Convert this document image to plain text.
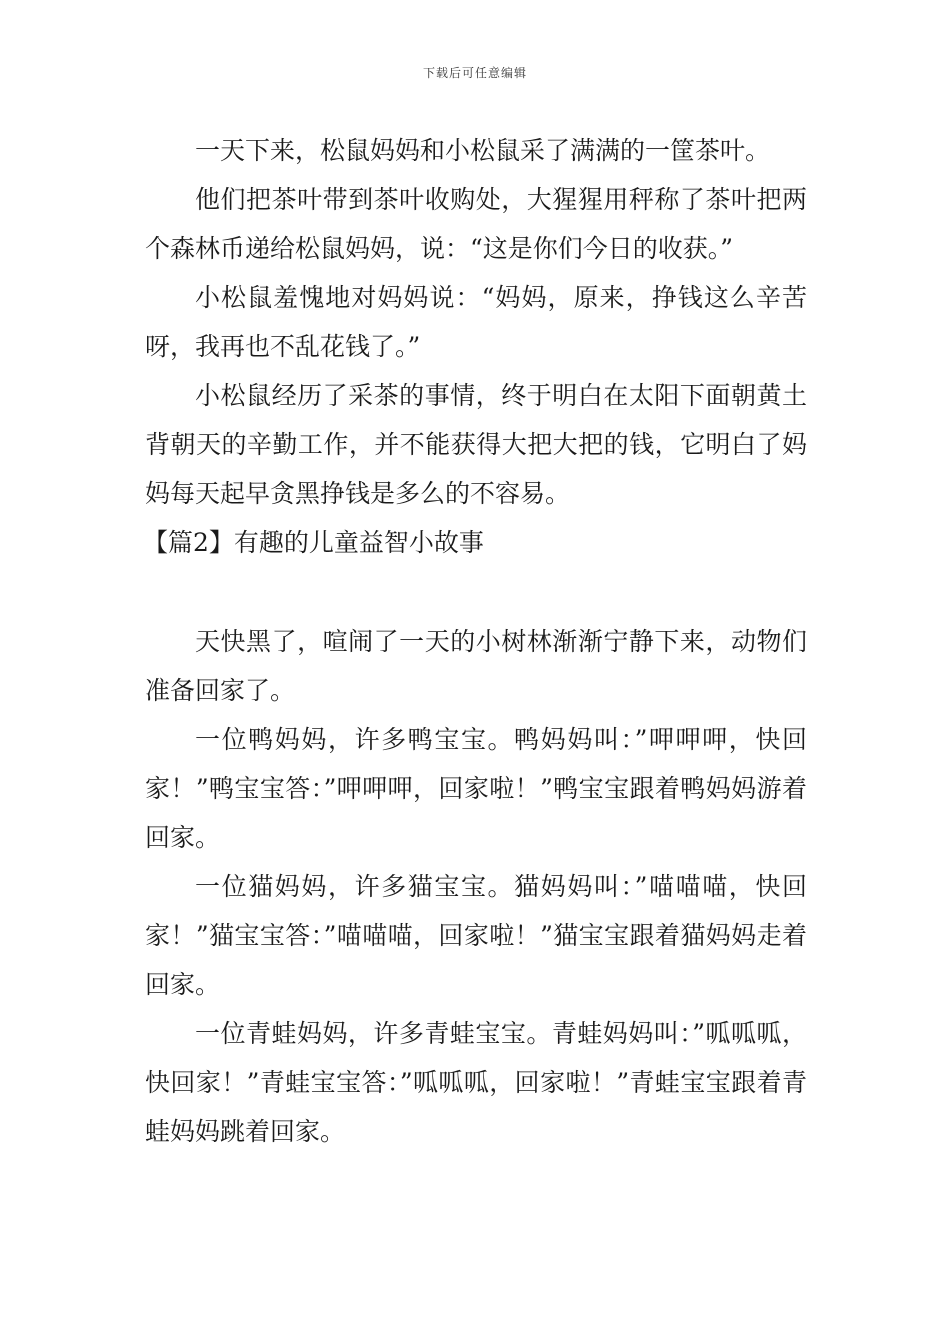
下载后可任意编辑

一天下来，松鼠妈妈和小松鼠采了满满的一筐茶叶。

他们把茶叶带到茶叶收购处，大猩猩用秤称了茶叶把两个森林币递给松鼠妈妈，说：“这是你们今日的收获。”

小松鼠羞愧地对妈妈说：“妈妈，原来，挣钱这么辛苦呀，我再也不乱花钱了。”

小松鼠经历了采茶的事情，终于明白在太阳下面朝黄土背朝天的辛勤工作，并不能获得大把大把的钱，它明白了妈妈每天起早贪黑挣钱是多么的不容易。

【篇2】有趣的儿童益智小故事

天快黑了，喧闹了一天的小树林渐渐宁静下来，动物们准备回家了。

一位鸭妈妈，许多鸭宝宝。鸭妈妈叫：”呷呷呷，快回家！”鸭宝宝答：”呷呷呷，回家啦！”鸭宝宝跟着鸭妈妈游着回家。

一位猫妈妈，许多猫宝宝。猫妈妈叫：”喵喵喵，快回家！”猫宝宝答：”喵喵喵，回家啦！”猫宝宝跟着猫妈妈走着回家。

一位青蛙妈妈，许多青蛙宝宝。青蛙妈妈叫：”呱呱呱，快回家！”青蛙宝宝答：”呱呱呱，回家啦！”青蛙宝宝跟着青蛙妈妈跳着回家。
